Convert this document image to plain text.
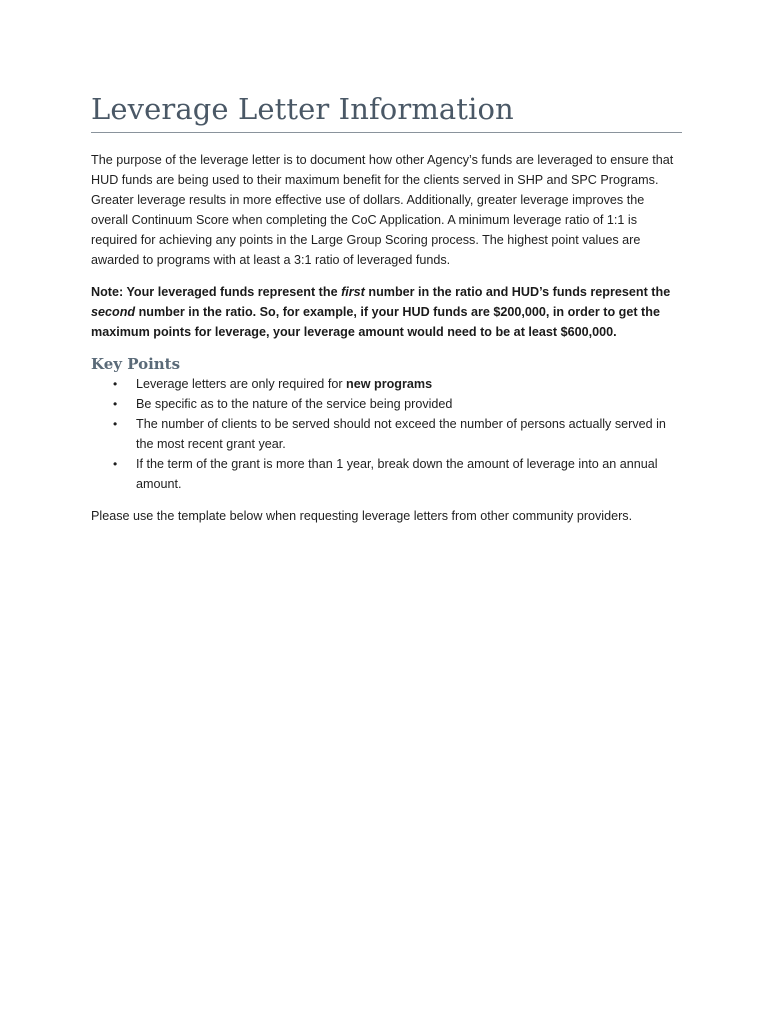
Leverage Letter Information

The purpose of the leverage letter is to document how other Agency’s funds are leveraged to ensure that HUD funds are being used to their maximum benefit for the clients served in SHP and SPC Programs. Greater leverage results in more effective use of dollars. Additionally, greater leverage improves the overall Continuum Score when completing the CoC Application. A minimum leverage ratio of 1:1 is required for achieving any points in the Large Group Scoring process. The highest point values are awarded to programs with at least a 3:1 ratio of leveraged funds.

Note: Your leveraged funds represent the first number in the ratio and HUD’s funds represent the second number in the ratio. So, for example, if your HUD funds are $200,000, in order to get the maximum points for leverage, your leverage amount would need to be at least $600,000.

Key Points
• Leverage letters are only required for new programs
• Be specific as to the nature of the service being provided
• The number of clients to be served should not exceed the number of persons actually served in the most recent grant year.
• If the term of the grant is more than 1 year, break down the amount of leverage into an annual amount.

Please use the template below when requesting leverage letters from other community providers.
